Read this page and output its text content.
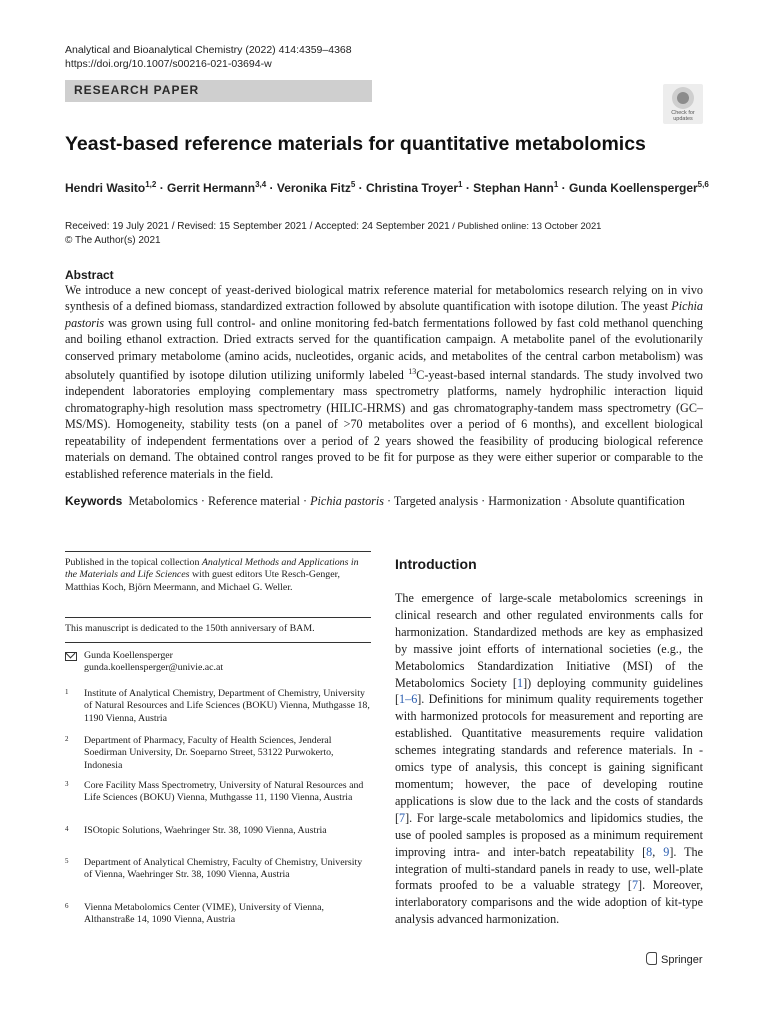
Analytical and Bioanalytical Chemistry (2022) 414:4359–4368
https://doi.org/10.1007/s00216-021-03694-w
RESEARCH PAPER
Check for updates
Yeast-based reference materials for quantitative metabolomics
Hendri Wasito$^{1,2}$ · Gerrit Hermann$^{3,4}$ · Veronika Fitz$^5$ · Christina Troyer$^1$ · Stephan Hann$^1$ · Gunda Koellensperger$^{5,6}$
Received: 19 July 2021 / Revised: 15 September 2021 / Accepted: 24 September 2021 / Published online: 13 October 2021
© The Author(s) 2021
Abstract

We introduce a new concept of yeast-derived biological matrix reference material for metabolomics research relying on in vivo synthesis of a defined biomass, standardized extraction followed by absolute quantification with isotope dilution. The yeast Pichia pastoris was grown using full control- and online monitoring fed-batch fermentations followed by fast cold methanol quenching and boiling ethanol extraction. Dried extracts served for the quantification campaign. A metabolite panel of the evolutionarily conserved primary metabolome (amino acids, nucleotides, organic acids, and metabolites of the central carbon metabolism) was absolutely quantified by isotope dilution utilizing uniformly labeled $^{13}$C-yeast-based internal standards. The study involved two independent laboratories employing complementary mass spectrometry platforms, namely hydrophilic interaction liquid chromatography-high resolution mass spectrometry (HILIC-HRMS) and gas chromatography-tandem mass spectrometry (GC–MS/MS). Homogeneity, stability tests (on a panel of >70 metabolites over a period of 6 months), and excellent biological repeatability of independent fermentations over a period of 2 years showed the feasibility of producing biological reference materials on demand. The obtained control ranges proved to be fit for purpose as they were either superior or comparable to the established reference materials in the field.

Keywords Metabolomics · Reference material · Pichia pastoris · Targeted analysis · Harmonization · Absolute quantification
Published in the topical collection Analytical Methods and Applications in the Materials and Life Sciences with guest editors Ute Resch-Genger, Matthias Koch, Björn Meermann, and Michael G. Weller.
This manuscript is dedicated to the 150th anniversary of BAM.
Gunda Koellensperger
gunda.koellensperger@univie.ac.at
1 Institute of Analytical Chemistry, Department of Chemistry, University of Natural Resources and Life Sciences (BOKU) Vienna, Muthgasse 18, 1190 Vienna, Austria
2 Department of Pharmacy, Faculty of Health Sciences, Jenderal Soedirman University, Dr. Soeparno Street, 53122 Purwokerto, Indonesia
3 Core Facility Mass Spectrometry, University of Natural Resources and Life Sciences (BOKU) Vienna, Muthgasse 11, 1190 Vienna, Austria
4 ISOtopic Solutions, Waehringer Str. 38, 1090 Vienna, Austria
5 Department of Analytical Chemistry, Faculty of Chemistry, University of Vienna, Waehringer Str. 38, 1090 Vienna, Austria
6 Vienna Metabolomics Center (VIME), University of Vienna, Althanstraße 14, 1090 Vienna, Austria
Introduction

The emergence of large-scale metabolomics screenings in clinical research and other regulated environments calls for harmonization. Standardized methods are key as emphasized by massive joint efforts of international societies (e.g., the Metabolomics Standardization Initiative (MSI) of the Metabolomics Society [1]) deploying community guidelines [1–6]. Definitions for minimum quality requirements together with harmonized protocols for measurement and reporting are established. Quantitative measurements require validation schemes integrating standards and reference materials. In -omics type of analysis, this concept is gaining significant momentum; however, the pace of developing routine applications is slow due to the lack and the costs of standards [7]. For large-scale metabolomics and lipidomics studies, the use of pooled samples is proposed as a minimum requirement improving intra- and inter-batch repeatability [8, 9]. The integration of multi-standard panels in ready to use, well-plate formats proofed to be a valuable strategy [7]. Moreover, interlaboratory comparisons and the wide adoption of kit-type analysis advanced harmonization.

Springer
